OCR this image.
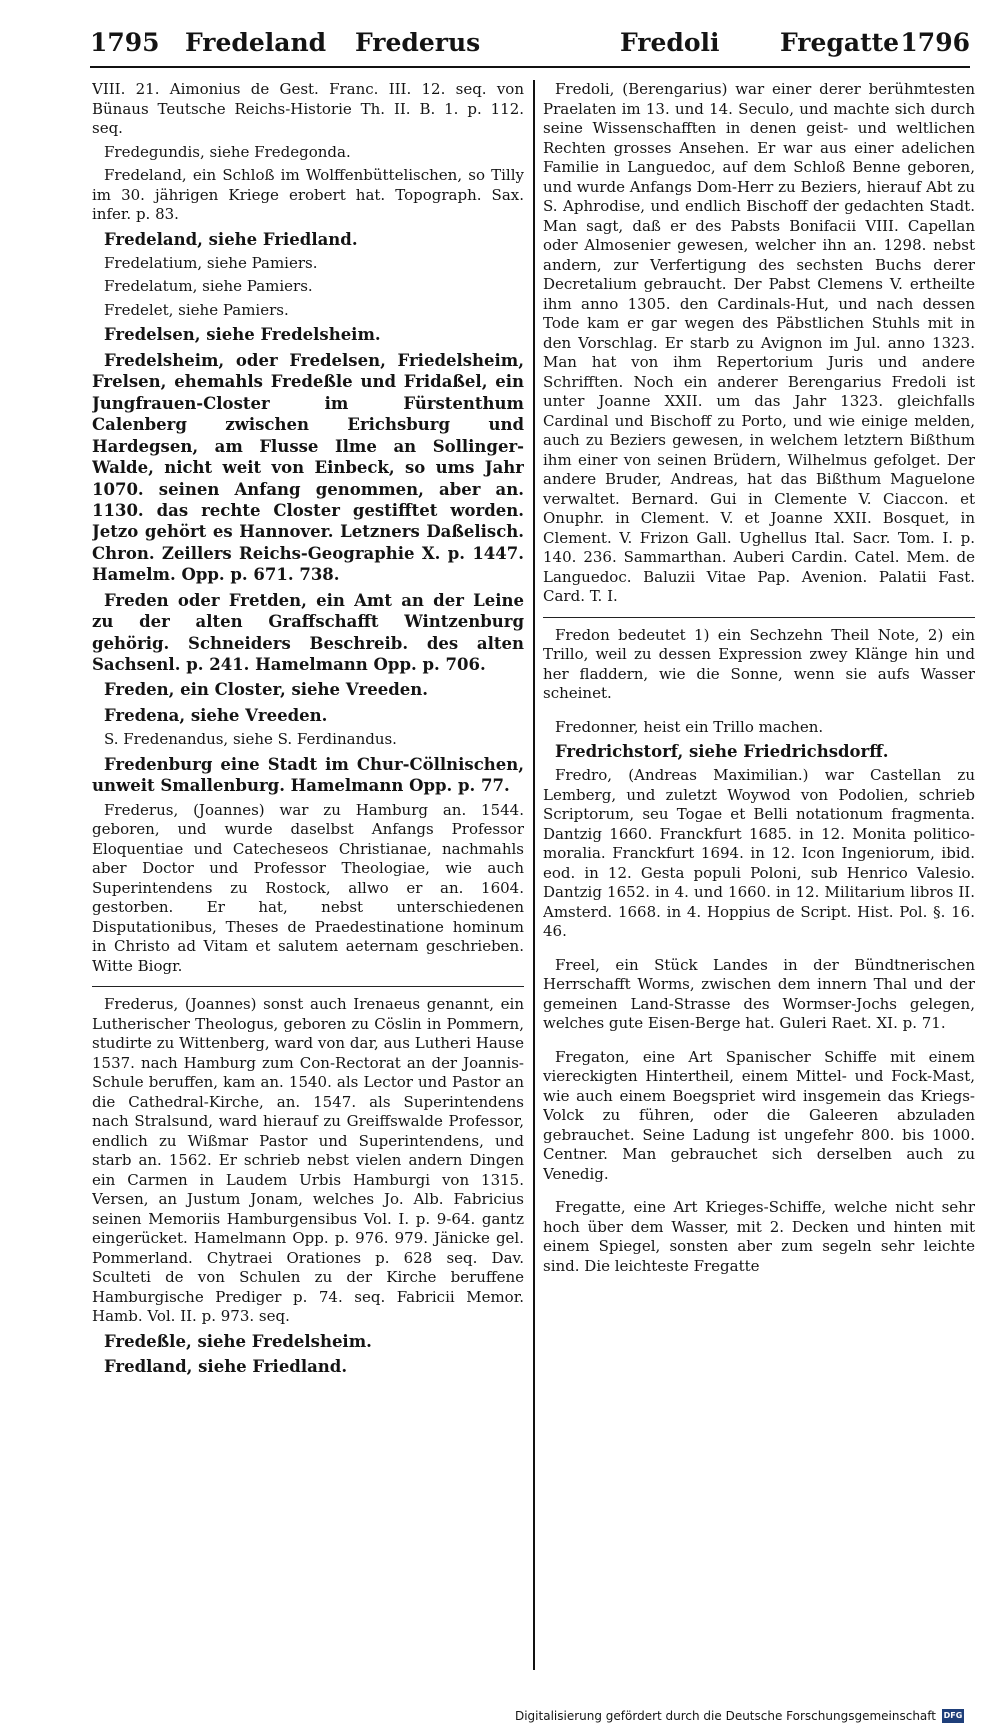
1795 Fredeland Frederus	Fredoli Fregatte 1796

VIII. 21. Aimonius de Gest. Franc. III. 12. seq. von Bünaus Teutsche Reichs-Historie Th. II. B. 1. p. 112. seq.

Fredegundis, siehe Fredegonda.

Fredeland, ein Schloß im Wolffenbüttelischen, so Tilly im 30. jährigen Kriege erobert hat. Topograph. Sax. infer. p. 83.

Fredeland, siehe Friedland.

Fredelatium, siehe Pamiers.

Fredelatum, siehe Pamiers.

Fredelet, siehe Pamiers.

Fredelsen, siehe Fredelsheim.

Fredelsheim, oder Fredelsen, Friedelsheim, Frelsen, ehemahls Fredeßle und Fridaßel, ein Jungfrauen-Closter im Fürstenthum Calenberg zwischen Erichsburg und Hardegsen, am Flusse Ilme an Sollinger-Walde, nicht weit von Einbeck, so ums Jahr 1070. seinen Anfang genommen, aber an. 1130. das rechte Closter gestifftet worden. Jetzo gehört es Hannover. Letzners Daßelisch. Chron. Zeillers Reichs-Geographie X. p. 1447. Hamelm. Opp. p. 671. 738.

Freden oder Fretden, ein Amt an der Leine zu der alten Graffschafft Wintzenburg gehörig. Schneiders Beschreib. des alten Sachsenl. p. 241. Hamelmann Opp. p. 706.

Freden, ein Closter, siehe Vreeden.

Fredena, siehe Vreeden.

S. Fredenandus, siehe S. Ferdinandus.

Fredenburg eine Stadt im Chur-Cöllnischen, unweit Smallenburg. Hamelmann Opp. p. 77.

Frederus, (Joannes) war zu Hamburg an. 1544. geboren, und wurde daselbst Anfangs Professor Eloquentiae und Catecheseos Christianae, nachmahls aber Doctor und Professor Theologiae, wie auch Superintendens zu Rostock, allwo er an. 1604. gestorben. Er hat, nebst unterschiedenen Disputationibus, Theses de Praedestinatione hominum in Christo ad Vitam et salutem aeternam geschrieben. Witte Biogr.

Frederus, (Joannes) sonst auch Irenaeus genannt, ein Lutherischer Theologus, geboren zu Cöslin in Pommern, studirte zu Wittenberg, ward von dar, aus Lutheri Hause 1537. nach Hamburg zum Con-Rectorat an der Joannis-Schule beruffen, kam an. 1540. als Lector und Pastor an die Cathedral-Kirche, an. 1547. als Superintendens nach Stralsund, ward hierauf zu Greiffswalde Professor, endlich zu Wißmar Pastor und Superintendens, und starb an. 1562. Er schrieb nebst vielen andern Dingen ein Carmen in Laudem Urbis Hamburgi von 1315. Versen, an Justum Jonam, welches Jo. Alb. Fabricius seinen Memoriis Hamburgensibus Vol. I. p. 9-64. gantz eingerücket. Hamelmann Opp. p. 976. 979. Jänicke gel. Pommerland. Chytraei Orationes p. 628 seq. Dav. Sculteti de von Schulen zu der Kirche beruffene Hamburgische Prediger p. 74. seq. Fabricii Memor. Hamb. Vol. II. p. 973. seq.

Fredeßle, siehe Fredelsheim.

Fredland, siehe Friedland.

Fredoli, (Berengarius) war einer derer berühmtesten Praelaten im 13. und 14. Seculo, und machte sich durch seine Wissenschafften in denen geist- und weltlichen Rechten grosses Ansehen. Er war aus einer adelichen Familie in Languedoc, auf dem Schloß Benne geboren, und wurde Anfangs Dom-Herr zu Beziers, hierauf Abt zu S. Aphrodise, und endlich Bischoff der gedachten Stadt. Man sagt, daß er des Pabsts Bonifacii VIII. Capellan oder Almosenier gewesen, welcher ihn an. 1298. nebst andern, zur Verfertigung des sechsten Buchs derer Decretalium gebraucht. Der Pabst Clemens V. ertheilte ihm anno 1305. den Cardinals-Hut, und nach dessen Tode kam er gar wegen des Päbstlichen Stuhls mit in den Vorschlag. Er starb zu Avignon im Jul. anno 1323. Man hat von ihm Repertorium Juris und andere Schrifften. Noch ein anderer Berengarius Fredoli ist unter Joanne XXII. um das Jahr 1323. gleichfalls Cardinal und Bischoff zu Porto, und wie einige melden, auch zu Beziers gewesen, in welchem letztern Bißthum ihm einer von seinen Brüdern, Wilhelmus gefolget. Der andere Bruder, Andreas, hat das Bißthum Maguelone verwaltet. Bernard. Gui in Clemente V. Ciaccon. et Onuphr. in Clement. V. et Joanne XXII. Bosquet, in Clement. V. Frizon Gall. Ughellus Ital. Sacr. Tom. I. p. 140. 236. Sammarthan. Auberi Cardin. Catel. Mem. de Languedoc. Baluzii Vitae Pap. Avenion. Palatii Fast. Card. T. I.

Fredon bedeutet 1) ein Sechzehn Theil Note, 2) ein Trillo, weil zu dessen Expression zwey Klänge hin und her fladdern, wie die Sonne, wenn sie aufs Wasser scheinet.

Fredonner, heist ein Trillo machen.

Fredrichstorf, siehe Friedrichsdorff.

Fredro, (Andreas Maximilian.) war Castellan zu Lemberg, und zuletzt Woywod von Podolien, schrieb Scriptorum, seu Togae et Belli notationum fragmenta. Dantzig 1660. Franckfurt 1685. in 12. Monita politico-moralia. Franckfurt 1694. in 12. Icon Ingeniorum, ibid. eod. in 12. Gesta populi Poloni, sub Henrico Valesio. Dantzig 1652. in 4. und 1660. in 12. Militarium libros II. Amsterd. 1668. in 4. Hoppius de Script. Hist. Pol. §. 16. 46.

Freel, ein Stück Landes in der Bündtnerischen Herrschafft Worms, zwischen dem innern Thal und der gemeinen Land-Strasse des Wormser-Jochs gelegen, welches gute Eisen-Berge hat. Guleri Raet. XI. p. 71.

Fregaton, eine Art Spanischer Schiffe mit einem viereckigten Hintertheil, einem Mittel- und Fock-Mast, wie auch einem Boegspriet wird insgemein das Kriegs-Volck zu führen, oder die Galeeren abzuladen gebrauchet. Seine Ladung ist ungefehr 800. bis 1000. Centner. Man gebrauchet sich derselben auch zu Venedig.

Fregatte, eine Art Krieges-Schiffe, welche nicht sehr hoch über dem Wasser, mit 2. Decken und hinten mit einem Spiegel, sonsten aber zum segeln sehr leichte sind. Die leichteste Fregatte

Digitalisierung gefördert durch die Deutsche Forschungsgemeinschaft DFG
